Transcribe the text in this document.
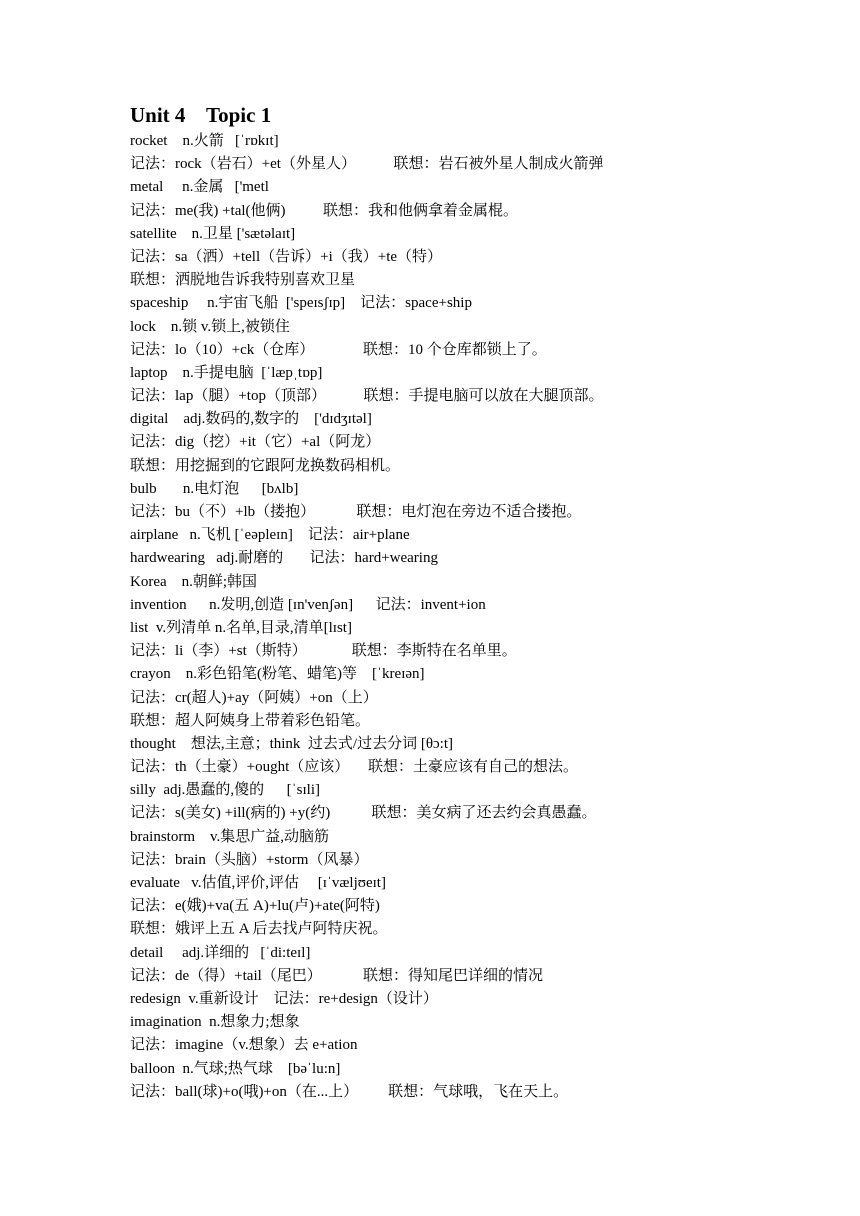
Unit 4    Topic 1
rocket    n.火箭   [ˈrɒkɪt]
记法：rock（岩石）+et（外星人）          联想：岩石被外星人制成火箭弹
metal     n.金属   ['metl
记法：me(我) +tal(他俩)          联想：我和他俩拿着金属棍。
satellite    n.卫星 ['sætəlaɪt]
记法：sa（洒）+tell（告诉）+i（我）+te（特）
联想：洒脱地告诉我特别喜欢卫星
spaceship     n.宇宙飞船  ['speɪsʃɪp]    记法：space+ship
lock    n.锁 v.锁上,被锁住
记法：lo（10）+ck（仓库）             联想：10 个仓库都锁上了。
laptop    n.手提电脑  [ˈlæpˌtɒp]
记法：lap（腿）+top（顶部）          联想：手提电脑可以放在大腿顶部。
digital    adj.数码的,数字的    ['dɪdʒɪtəl]
记法：dig（挖）+it（它）+al（阿龙）
联想：用挖掘到的它跟阿龙换数码相机。
bulb       n.电灯泡      [bʌlb]
记法：bu（不）+lb（搂抱）           联想：电灯泡在旁边不适合搂抱。
airplane   n.飞机 [ˈeəpleɪn]    记法：air+plane
hardwearing   adj.耐磨的       记法：hard+wearing
Korea    n.朝鲜;韩国
invention      n.发明,创造 [ɪn'venʃən]      记法：invent+ion
list  v.列清单 n.名单,目录,清单[lɪst]
记法：li（李）+st（斯特）            联想：李斯特在名单里。
crayon    n.彩色铅笔(粉笔、蜡笔)等    [ˈkreɪən]
记法：cr(超人)+ay（阿姨）+on（上）
联想：超人阿姨身上带着彩色铅笔。
thought    想法,主意；think  过去式/过去分词 [θɔ:t]
记法：th（土豪）+ought（应该）     联想：土豪应该有自己的想法。
silly  adj.愚蠢的,傻的      [ˈsɪli]
记法：s(美女) +ill(病的) +y(约)           联想：美女病了还去约会真愚蠢。
brainstorm    v.集思广益,动脑筋
记法：brain（头脑）+storm（风暴）
evaluate   v.估值,评价,评估     [ɪˈvæljʊeɪt]
记法：e(娥)+va(五 A)+lu(卢)+ate(阿特)
联想：娥评上五 A 后去找卢阿特庆祝。
detail     adj.详细的   [ˈdi:teɪl]
记法：de（得）+tail（尾巴）           联想：得知尾巴详细的情况
redesign  v.重新设计    记法：re+design（设计）
imagination  n.想象力;想象
记法：imagine（v.想象）去 e+ation
balloon  n.气球;热气球    [bəˈlu:n]
记法：ball(球)+o(哦)+on（在...上）        联想：气球哦，飞在天上。
